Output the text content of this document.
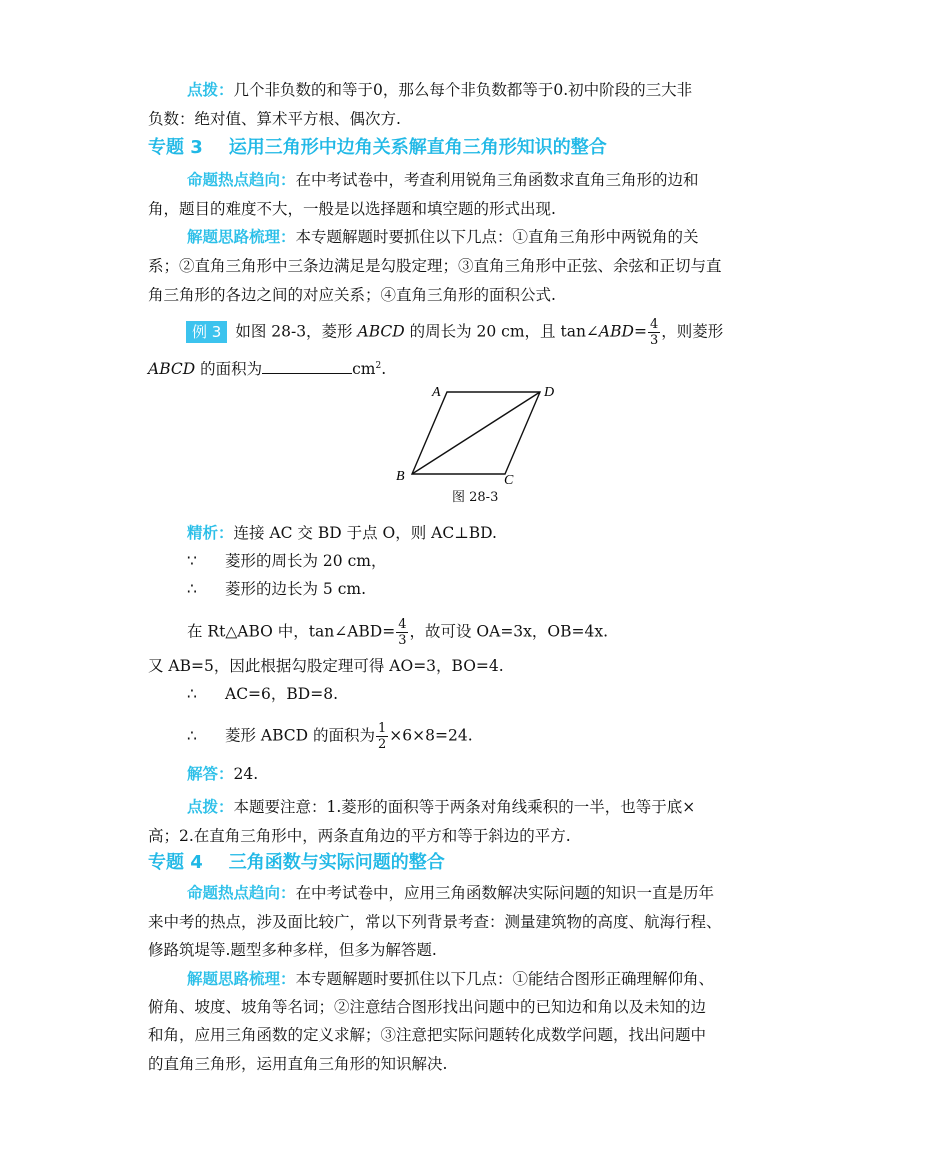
点拨：几个非负数的和等于0，那么每个非负数都等于0.初中阶段的三大非
负数：绝对值、算术平方根、偶次方.
专题 3 运用三角形中边角关系解直角三角形知识的整合
命题热点趋向：在中考试卷中，考查利用锐角三角函数求直角三角形的边和
角，题目的难度不大，一般是以选择题和填空题的形式出现.
解题思路梳理：本专题解题时要抓住以下几点：①直角三角形中两锐角的关
系；②直角三角形中三条边满足是勾股定理；③直角三角形中正弦、余弦和正切与直
角三角形的各边之间的对应关系；④直角三角形的面积公式.
例 3 如图 28-3，菱形 ABCD 的周长为 20 cm，且 tan∠ABD= $\frac{4}{3}$ ，则菱形
ABCD 的面积为	$cm^2$.
A	D
B	C
图 28-3
精析：连接 AC 交 BD 于点 O，则 AC⊥BD.
∵ 菱形的周长为 20 cm，
∴ 菱形的边长为 5 cm.
在 Rt△ABO 中，tan∠ABD= $\frac{4}{3}$ ，故可设 OA=3x，OB=4x.
又 AB=5，因此根据勾股定理可得 AO=3，BO=4.
∴ AC=6，BD=8.
∴ 菱形 ABCD 的面积为 $\frac{1}{2} \times 6\times 8=24$.
解答：24.
点拨：本题要注意：1.菱形的面积等于两条对角线乘积的一半，也等于底×
高；2.在直角三角形中，两条直角边的平方和等于斜边的平方.
专题 4 三角函数与实际问题的整合
命题热点趋向：在中考试卷中，应用三角函数解决实际问题的知识一直是历年
来中考的热点，涉及面比较广，常以下列背景考查：测量建筑物的高度、航海行程、
修路筑堤等.题型多种多样，但多为解答题.
解题思路梳理：本专题解题时要抓住以下几点：①能结合图形正确理解仰角、
俯角、坡度、坡角等名词；②注意结合图形找出问题中的已知边和角以及未知的边
和角，应用三角函数的定义求解；③注意把实际问题转化成数学问题，找出问题中
的直角三角形，运用直角三角形的知识解决.
